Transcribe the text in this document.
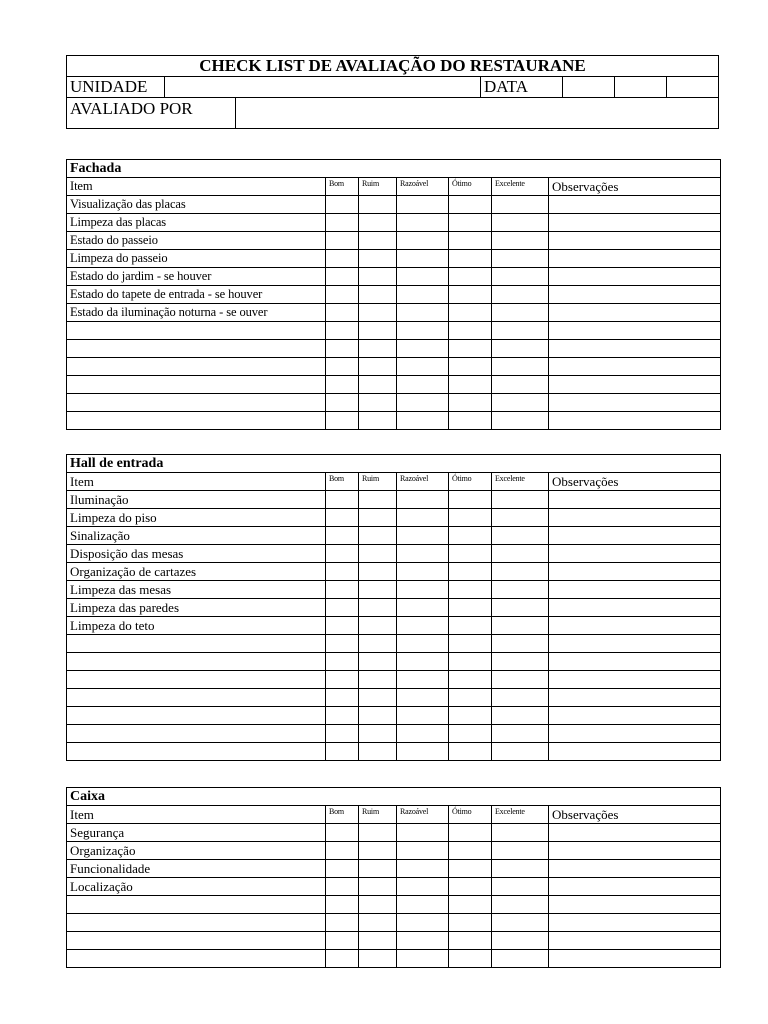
CHECK LIST DE AVALIAÇÃO DO RESTAURANE						
UNIDADE			DATA			
AVALIADO POR						
Fachada						
Item	Bom	Ruim	Razoável	Ótimo	Excelente	Observações
Visualização das placas						
Limpeza das placas						
Estado do passeio						
Limpeza do passeio						
Estado do jardim - se houver						
Estado do tapete de entrada - se houver						
Estado da iluminação noturna - se ouver						

Hall de entrada						
Item	Bom	Ruim	Razoável	Ótimo	Excelente	Observações
Iluminação						
Limpeza do piso						
Sinalização						
Disposição das mesas						
Organização de cartazes						
Limpeza das mesas						
Limpeza das paredes						
Limpeza do teto						

Caixa						
Item	Bom	Ruim	Razoável	Ótimo	Excelente	Observações
Segurança						
Organização						
Funcionalidade						
Localização						
